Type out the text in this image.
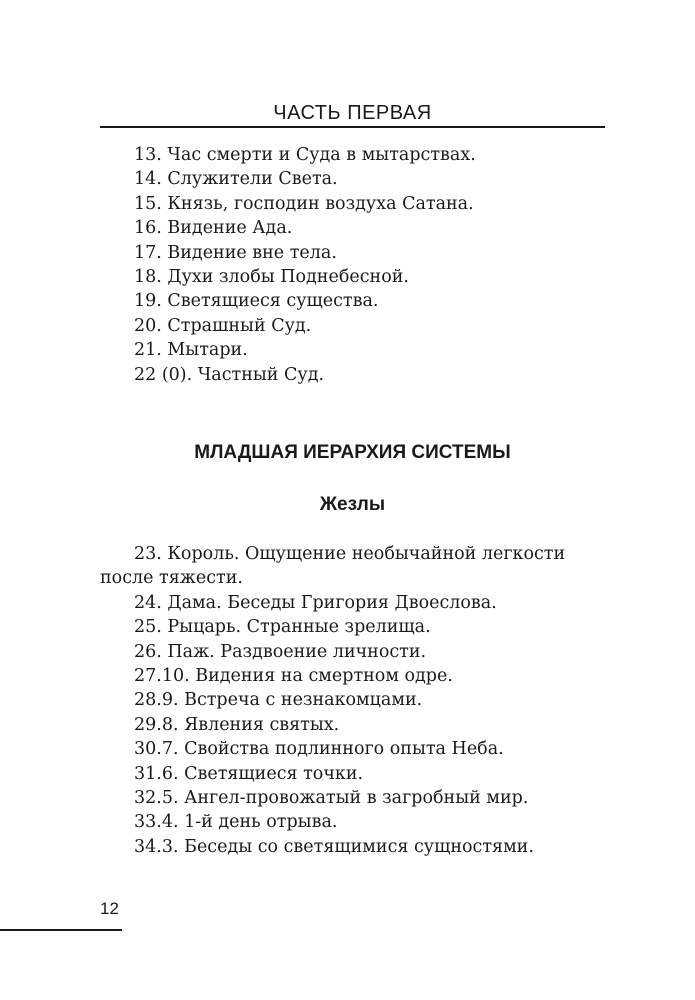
ЧАСТЬ ПЕРВАЯ
13. Час смерти и Суда в мытарствах.
14. Служители Света.
15. Князь, господин воздуха Сатана.
16. Видение Ада.
17. Видение вне тела.
18. Духи злобы Поднебесной.
19. Светящиеся существа.
20. Страшный Суд.
21. Мытари.
22 (0). Частный Суд.
МЛАДШАЯ ИЕРАРХИЯ СИСТЕМЫ
Жезлы
23. Король. Ощущение необычайной легкости после тяжести.
24. Дама. Беседы Григория Двоеслова.
25. Рыцарь. Странные зрелища.
26. Паж. Раздвоение личности.
27.10. Видения на смертном одре.
28.9. Встреча с незнакомцами.
29.8. Явления святых.
30.7. Свойства подлинного опыта Неба.
31.6. Светящиеся точки.
32.5. Ангел-провожатый в загробный мир.
33.4. 1-й день отрыва.
34.3. Беседы со светящимися сущностями.
12
